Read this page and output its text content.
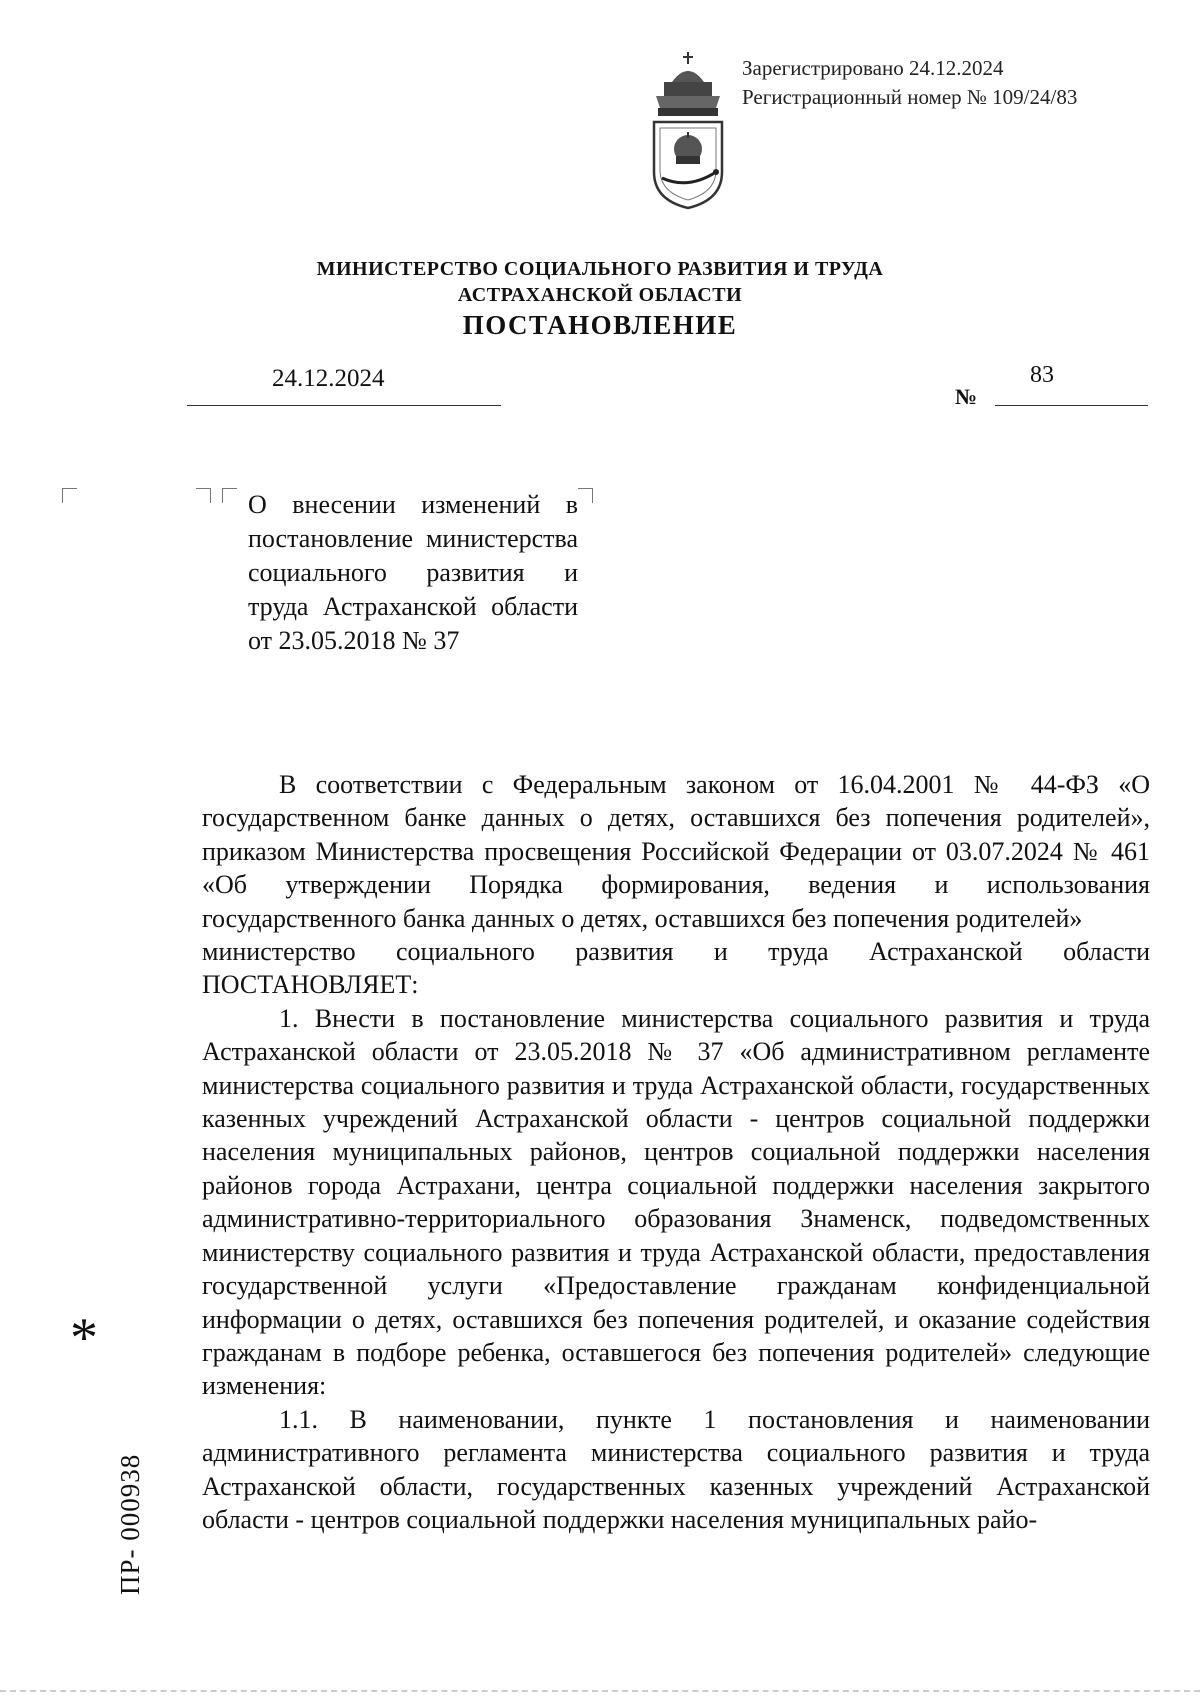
Зарегистрировано 24.12.2024
Регистрационный номер № 109/24/83
МИНИСТЕРСТВО СОЦИАЛЬНОГО РАЗВИТИЯ И ТРУДА
АСТРАХАНСКОЙ ОБЛАСТИ
ПОСТАНОВЛЕНИЕ
24.12.2024
№
83
О внесении изменений в постановление министерства социального развития и труда Астраханской области от 23.05.2018 № 37

В соответствии с Федеральным законом от 16.04.2001 № 44-ФЗ «О государственном банке данных о детях, оставшихся без попечения родителей», приказом Министерства просвещения Российской Федерации от 03.07.2024 № 461 «Об утверждении Порядка формирования, ведения и использования государственного банка данных о детях, оставшихся без попечения родителей»

министерство социального развития и труда Астраханской области

ПОСТАНОВЛЯЕТ:

1. Внести в постановление министерства социального развития и труда Астраханской области от 23.05.2018 № 37 «Об административном регламенте министерства социального развития и труда Астраханской области, государственных казенных учреждений Астраханской области - центров социальной поддержки населения муниципальных районов, центров социальной поддержки населения районов города Астрахани, центра социальной поддержки населения закрытого административно-территориального образования Знаменск, подведомственных министерству социального развития и труда Астраханской области, предоставления государственной услуги «Предоставление гражданам конфиденциальной информации о детях, оставшихся без попечения родителей, и оказание содействия гражданам в подборе ребенка, оставшегося без попечения родителей» следующие изменения:

1.1. В наименовании, пункте 1 постановления и наименовании административного регламента министерства социального развития и труда Астраханской области, государственных казенных учреждений Астраханской области - центров социальной поддержки населения муниципальных райо-

*
ПР- 000938
